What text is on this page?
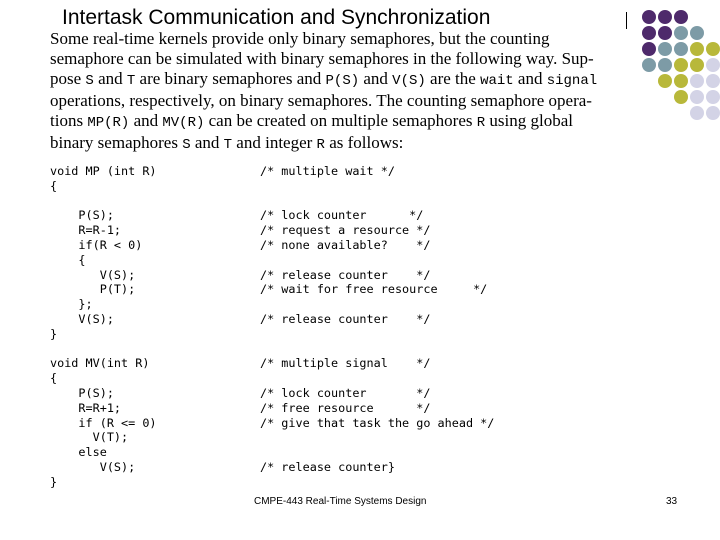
Intertask Communication and Synchronization
Some real-time kernels provide only binary semaphores, but the counting
semaphore can be simulated with binary semaphores in the following way. Sup-
pose S and T are binary semaphores and P(S) and V(S) are the wait and signal
operations, respectively, on binary semaphores. The counting semaphore opera-
tions MP(R) and MV(R) can be created on multiple semaphores R using global
binary semaphores S and T and integer R as follows:
void MP (int R)	/* multiple wait */
{
P(S);	/* lock counter      */
R=R-1;	/* request a resource */
if(R < 0)	/* none available?    */
{
V(S);	/* release counter    */
P(T);	/* wait for free resource     */
};
V(S);	/* release counter    */
}
void MV(int R)	/* multiple signal    */
{
P(S);	/* lock counter       */
R=R+1;	/* free resource      */
if (R <= 0)	/* give that task the go ahead */
V(T);
else
V(S);	/* release counter}
}
CMPE-443 Real-Time Systems Design	33
